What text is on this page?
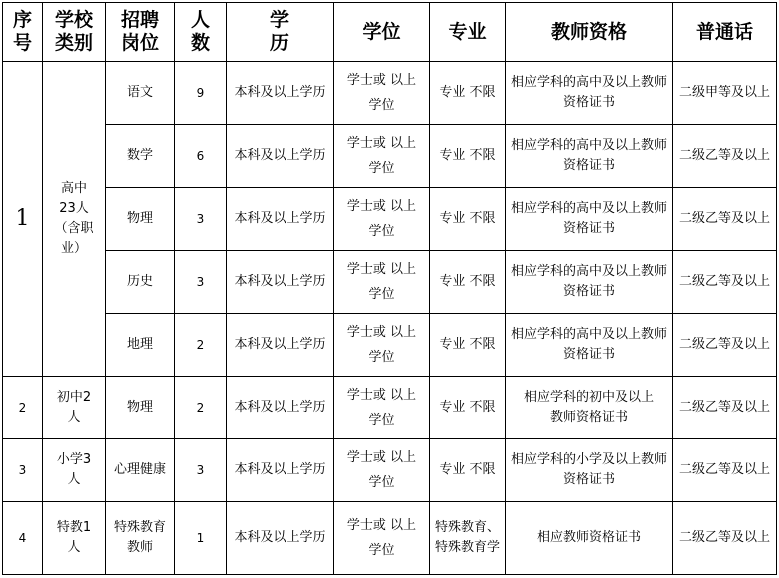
序号	学校类别	招聘岗位	人数	学 历	学位	专业	教师资格	普通话
1	高中
23人
（含职
业）	语文	9	本科及以上学历	学士或 以上
学位	专业 不限	相应学科的高中及以上教师资格证书	二级甲等及以上
		数学	6	本科及以上学历	学士或 以上
学位	专业 不限	相应学科的高中及以上教师资格证书	二级乙等及以上
		物理	3	本科及以上学历	学士或 以上
学位	专业 不限	相应学科的高中及以上教师资格证书	二级乙等及以上
		历史	3	本科及以上学历	学士或 以上
学位	专业 不限	相应学科的高中及以上教师资格证书	二级乙等及以上
		地理	2	本科及以上学历	学士或 以上
学位	专业 不限	相应学科的高中及以上教师资格证书	二级乙等及以上
2	初中2
人	物理	2	本科及以上学历	学士或 以上
学位	专业 不限	相应学科的初中及以上
教师资格证书	二级乙等及以上
3	小学3
人	心理健康	3	本科及以上学历	学士或 以上
学位	专业 不限	相应学科的小学及以上教师资格证书	二级乙等及以上
4	特教1
人	特殊教育教师	1	本科及以上学历	学士或 以上
学位	特殊教育、特殊教育学	相应教师资格证书	二级乙等及以上
